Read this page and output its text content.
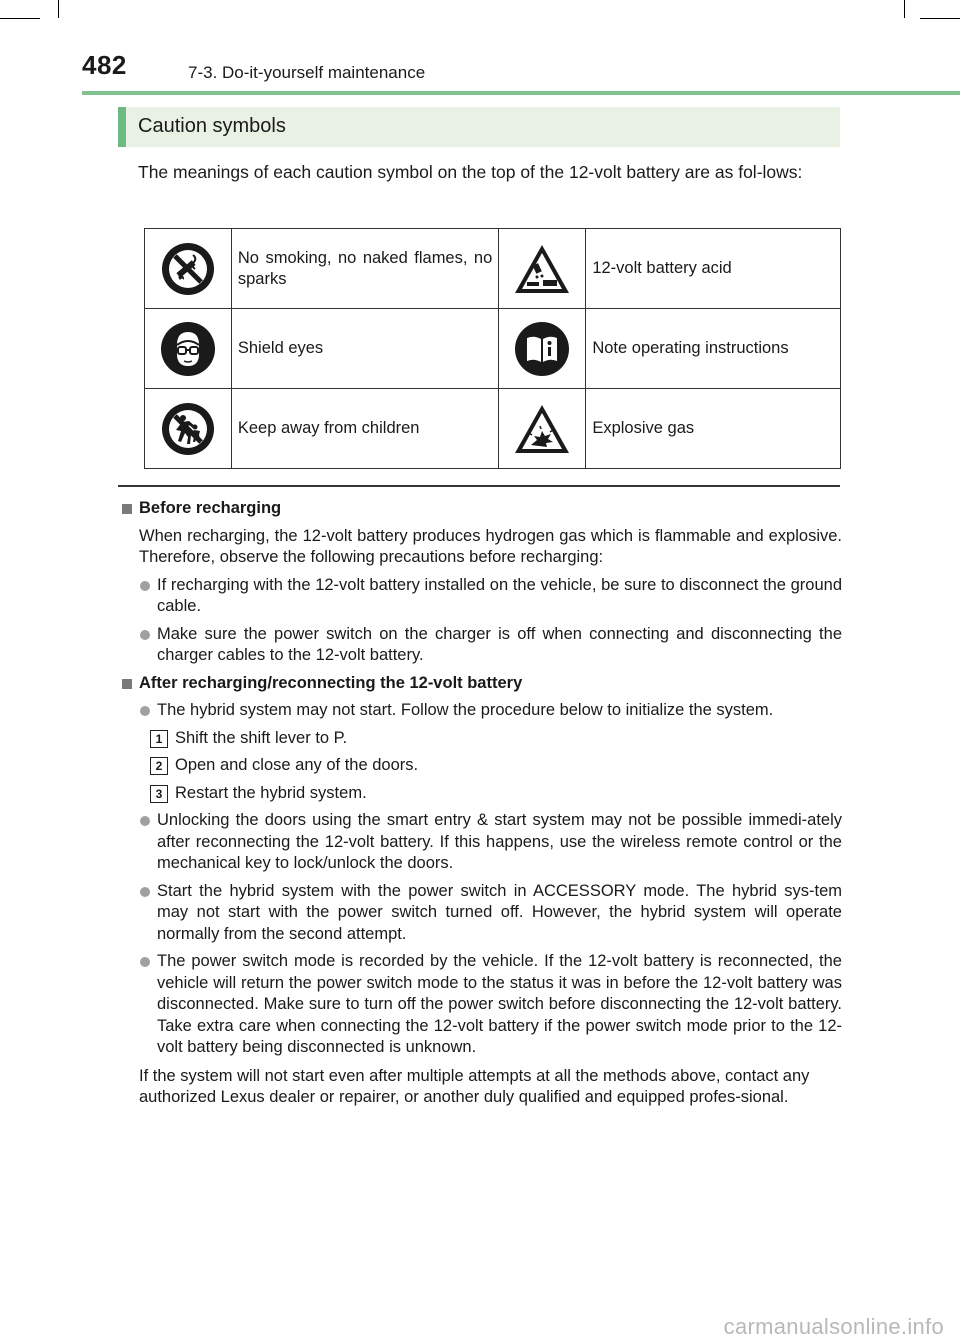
482	7-3. Do-it-yourself maintenance
Caution symbols
The meanings of each caution symbol on the top of the 12-volt battery are as fol-lows:

No smoking, no naked flames, no sparks		12-volt battery acid

Shield eyes		Note operating instructions

Keep away from children		Explosive gas
Before recharging
When recharging, the 12-volt battery produces hydrogen gas which is flammable and explosive. Therefore, observe the following precautions before recharging:
If recharging with the 12-volt battery installed on the vehicle, be sure to disconnect the ground cable.
Make sure the power switch on the charger is off when connecting and disconnecting the charger cables to the 12-volt battery.
After recharging/reconnecting the 12-volt battery
The hybrid system may not start. Follow the procedure below to initialize the system.
1 Shift the shift lever to P.
2 Open and close any of the doors.
3 Restart the hybrid system.
Unlocking the doors using the smart entry & start system may not be possible immedi-ately after reconnecting the 12-volt battery. If this happens, use the wireless remote control or the mechanical key to lock/unlock the doors.
Start the hybrid system with the power switch in ACCESSORY mode. The hybrid sys-tem may not start with the power switch turned off. However, the hybrid system will operate normally from the second attempt.
The power switch mode is recorded by the vehicle. If the 12-volt battery is reconnected, the vehicle will return the power switch mode to the status it was in before the 12-volt battery was disconnected. Make sure to turn off the power switch before disconnecting the 12-volt battery. Take extra care when connecting the 12-volt battery if the power switch mode prior to the 12-volt battery being disconnected is unknown.
If the system will not start even after multiple attempts at all the methods above, contact any authorized Lexus dealer or repairer, or another duly qualified and equipped profes-sional.
carmanualsonline.info
